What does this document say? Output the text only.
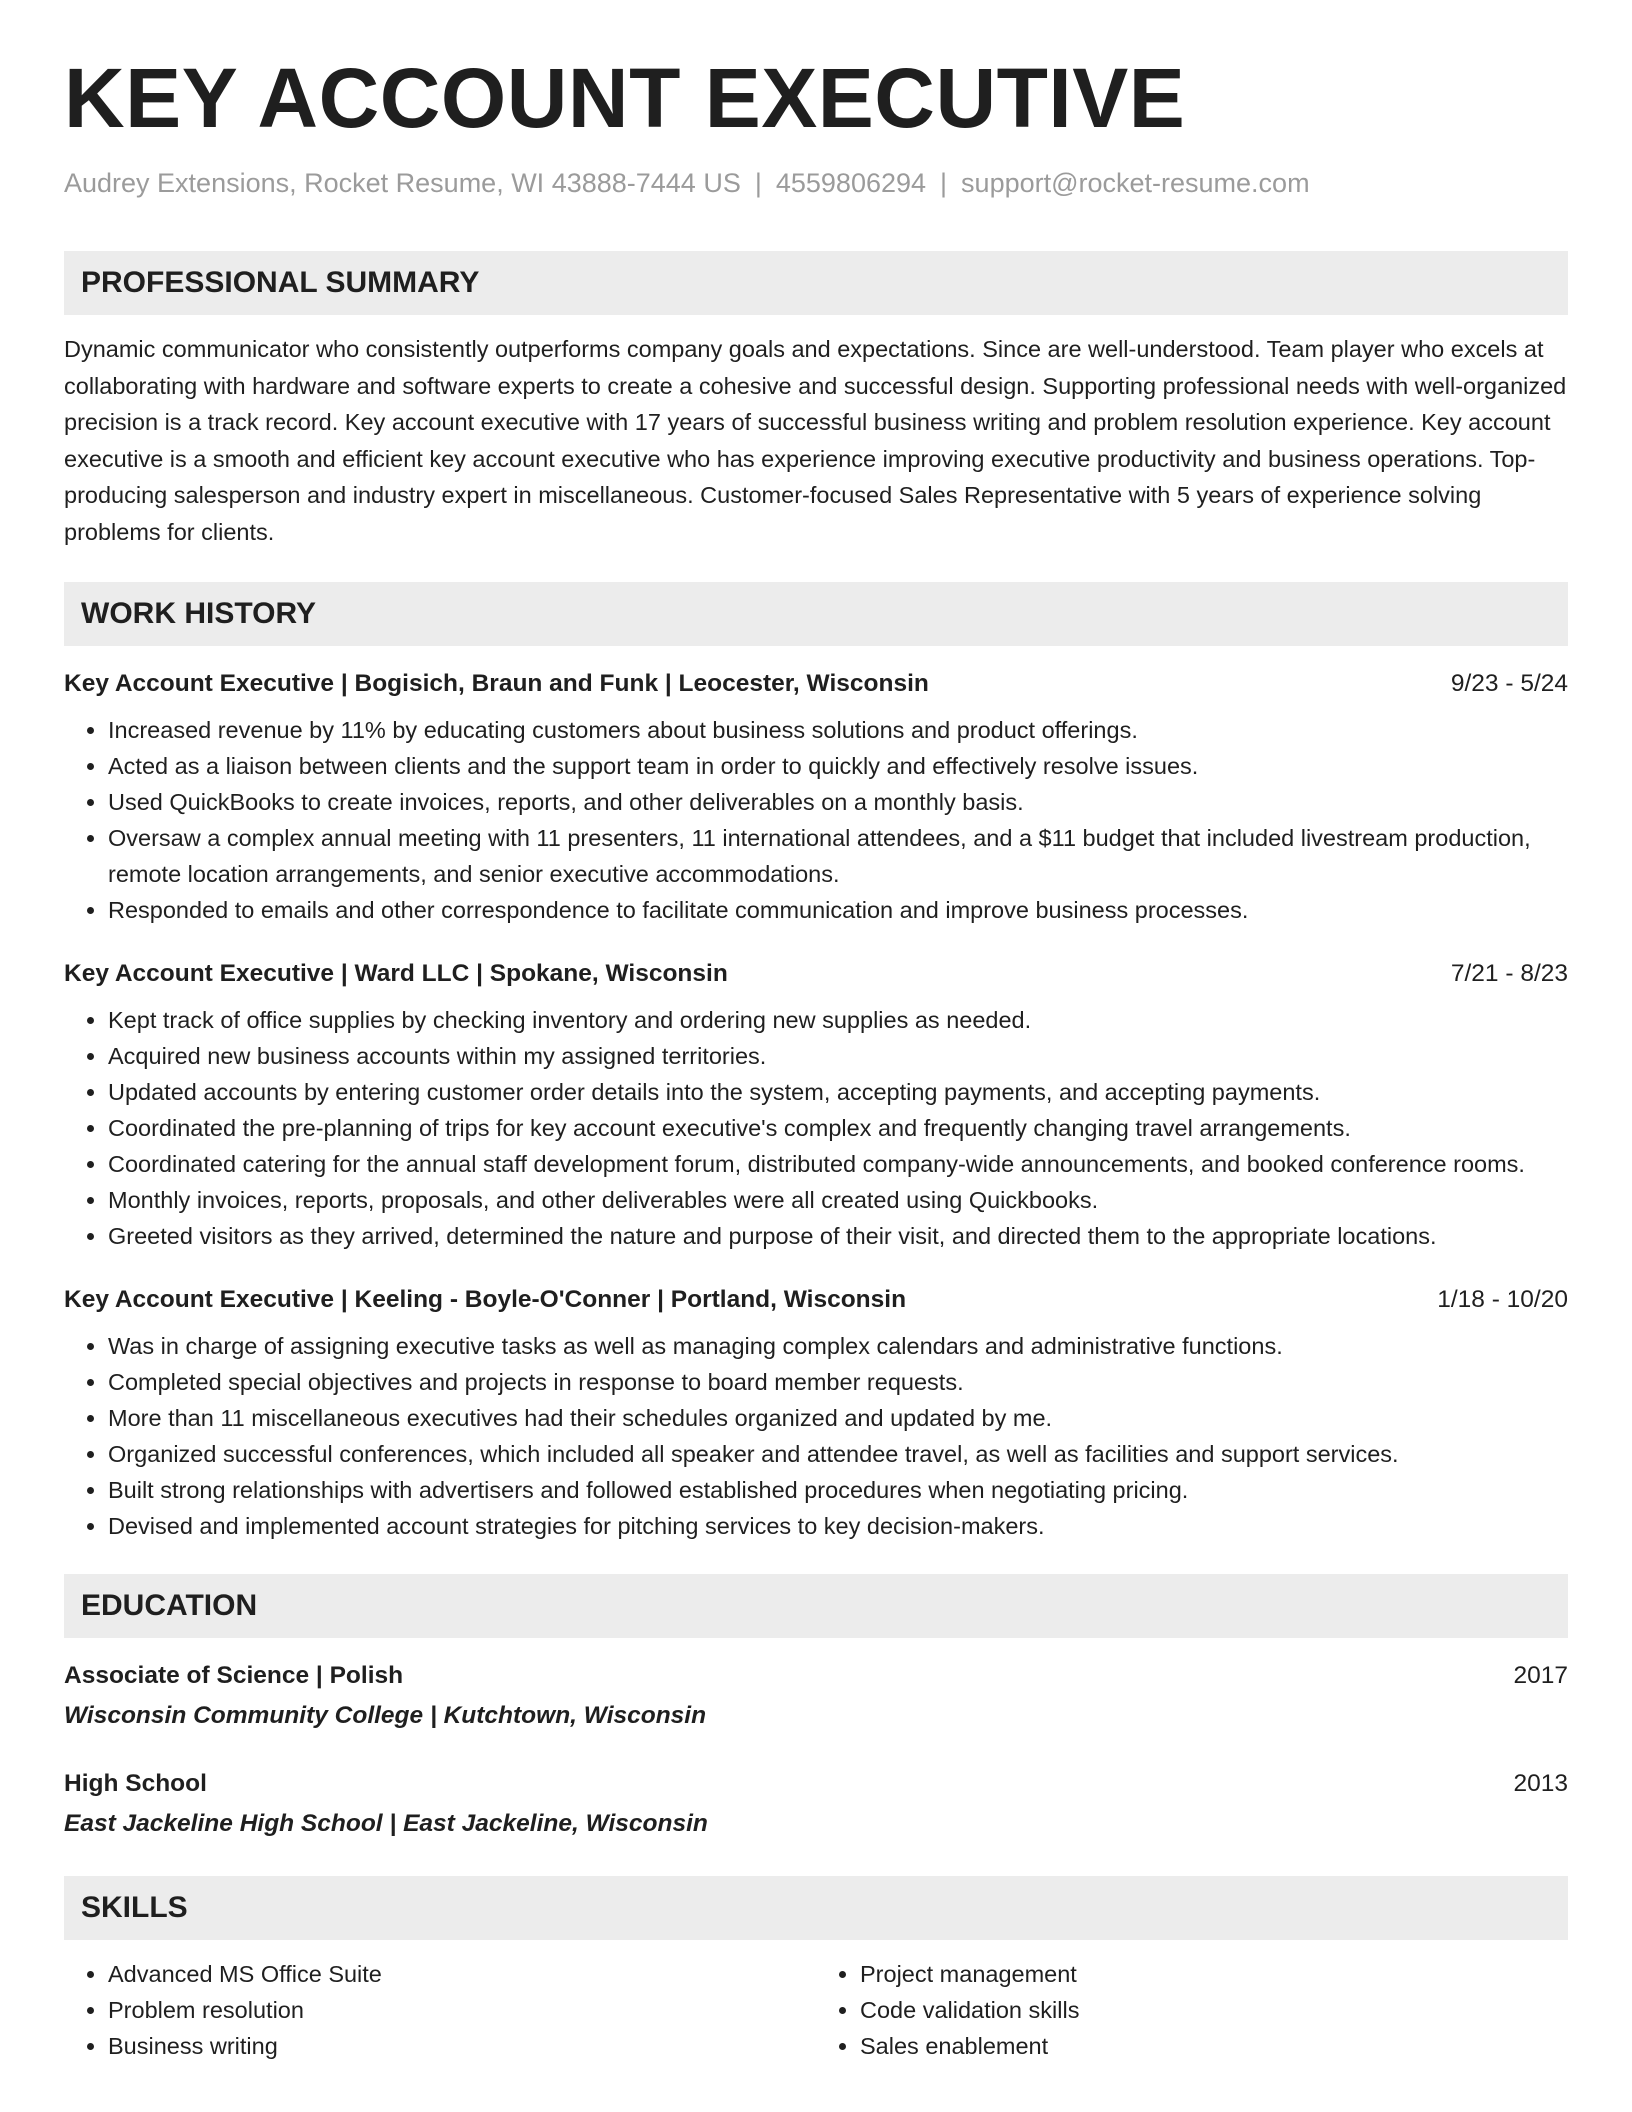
KEY ACCOUNT EXECUTIVE
Audrey Extensions, Rocket Resume, WI 43888-7444 US | 4559806294 | support@rocket-resume.com
PROFESSIONAL SUMMARY
Dynamic communicator who consistently outperforms company goals and expectations. Since are well-understood. Team player who excels at collaborating with hardware and software experts to create a cohesive and successful design. Supporting professional needs with well-organized precision is a track record. Key account executive with 17 years of successful business writing and problem resolution experience. Key account executive is a smooth and efficient key account executive who has experience improving executive productivity and business operations. Top-producing salesperson and industry expert in miscellaneous. Customer-focused Sales Representative with 5 years of experience solving problems for clients.
WORK HISTORY
Key Account Executive | Bogisich, Braun and Funk | Leocester, Wisconsin	9/23 - 5/24
• Increased revenue by 11% by educating customers about business solutions and product offerings.
• Acted as a liaison between clients and the support team in order to quickly and effectively resolve issues.
• Used QuickBooks to create invoices, reports, and other deliverables on a monthly basis.
• Oversaw a complex annual meeting with 11 presenters, 11 international attendees, and a $11 budget that included livestream production, remote location arrangements, and senior executive accommodations.
• Responded to emails and other correspondence to facilitate communication and improve business processes.
Key Account Executive | Ward LLC | Spokane, Wisconsin	7/21 - 8/23
• Kept track of office supplies by checking inventory and ordering new supplies as needed.
• Acquired new business accounts within my assigned territories.
• Updated accounts by entering customer order details into the system, accepting payments, and accepting payments.
• Coordinated the pre-planning of trips for key account executive's complex and frequently changing travel arrangements.
• Coordinated catering for the annual staff development forum, distributed company-wide announcements, and booked conference rooms.
• Monthly invoices, reports, proposals, and other deliverables were all created using Quickbooks.
• Greeted visitors as they arrived, determined the nature and purpose of their visit, and directed them to the appropriate locations.
Key Account Executive | Keeling - Boyle-O'Conner | Portland, Wisconsin	1/18 - 10/20
• Was in charge of assigning executive tasks as well as managing complex calendars and administrative functions.
• Completed special objectives and projects in response to board member requests.
• More than 11 miscellaneous executives had their schedules organized and updated by me.
• Organized successful conferences, which included all speaker and attendee travel, as well as facilities and support services.
• Built strong relationships with advertisers and followed established procedures when negotiating pricing.
• Devised and implemented account strategies for pitching services to key decision-makers.
EDUCATION
Associate of Science | Polish	2017
Wisconsin Community College | Kutchtown, Wisconsin
High School	2013
East Jackeline High School | East Jackeline, Wisconsin
SKILLS
• Advanced MS Office Suite
• Problem resolution
• Business writing
• Project management
• Code validation skills
• Sales enablement
